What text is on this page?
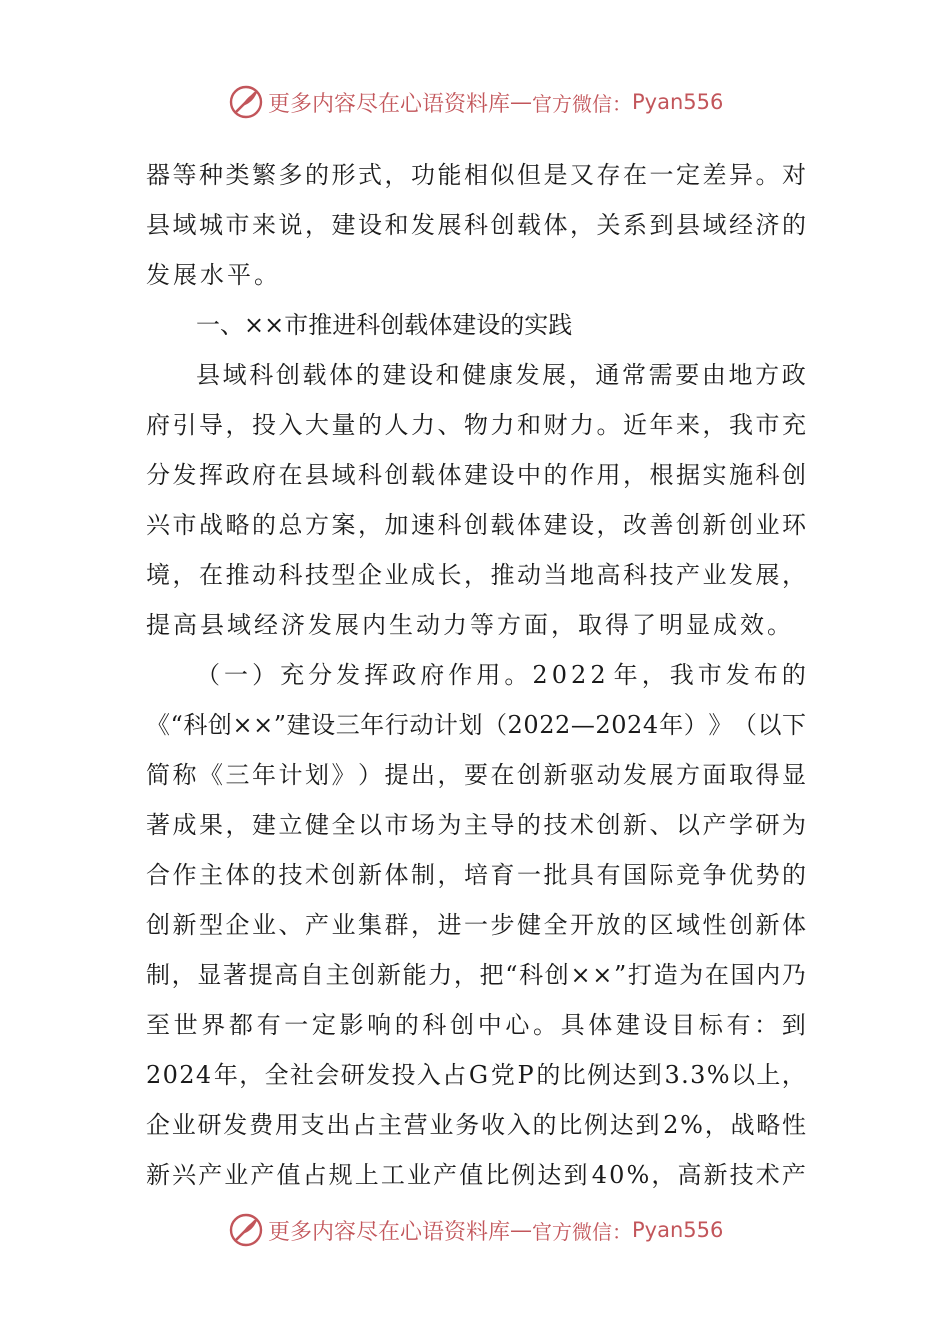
更多内容尽在心语资料库 — 官方微信： Pyan556
器 等 种 类 繁 多 的 形 式 ， 功 能 相 似 但 是 又 存 在 一 定 差 异 。 对
县 域 城 市 来 说 ， 建 设 和 发 展 科 创 载 体 ， 关 系 到 县 域 经 济 的
发展水平。
一、××市推进科创载体建设的实践
县 域 科 创 载 体 的 建 设 和 健 康 发 展 ， 通 常 需 要 由 地 方 政
府 引 导 ， 投 入 大 量 的 人 力 、 物 力 和 财 力 。 近 年 来 ， 我 市 充
分 发 挥 政 府 在 县 域 科 创 载 体 建 设 中 的 作 用 ， 根 据 实 施 科 创
兴 市 战 略 的 总 方 案 ， 加 速 科 创 载 体 建 设 ， 改 善 创 新 创 业 环
境 ， 在 推 动 科 技 型 企 业 成 长 ， 推 动 当 地 高 科 技 产 业 发 展 ，
提高县域经济发展内生动力等方面，取得了明显成效。
（ 一 ） 充 分 发 挥 政 府 作 用 。 2 0 2 2 年 ， 我 市 发 布 的
《 “ 科 创 × × ” 建 设 三 年 行 动 计 划 （ 2 0 2 2 — 2 0 2 4 年 ） 》 （ 以 下
简 称 《 三 年 计 划 》 ） 提 出 ， 要 在 创 新 驱 动 发 展 方 面 取 得 显
著 成 果 ， 建 立 健 全 以 市 场 为 主 导 的 技 术 创 新 、 以 产 学 研 为
合 作 主 体 的 技 术 创 新 体 制 ， 培 育 一 批 具 有 国 际 竞 争 优 势 的
创 新 型 企 业 、 产 业 集 群 ， 进 一 步 健 全 开 放 的 区 域 性 创 新 体
制 ， 显 著 提 高 自 主 创 新 能 力 ， 把 “ 科 创 × × ” 打 造 为 在 国 内 乃
至 世 界 都 有 一 定 影 响 的 科 创 中 心 。 具 体 建 设 目 标 有 ： 到
2 0 2 4 年 ， 全 社 会 研 发 投 入 占 G 党 P 的 比 例 达 到 3 . 3 % 以 上 ，
企 业 研 发 费 用 支 出 占 主 营 业 务 收 入 的 比 例 达 到 2 % ， 战 略 性
新 兴 产 业 产 值 占 规 上 工 业 产 值 比 例 达 到 4 0 % ， 高 新 技 术 产
更多内容尽在心语资料库 — 官方微信： Pyan556
